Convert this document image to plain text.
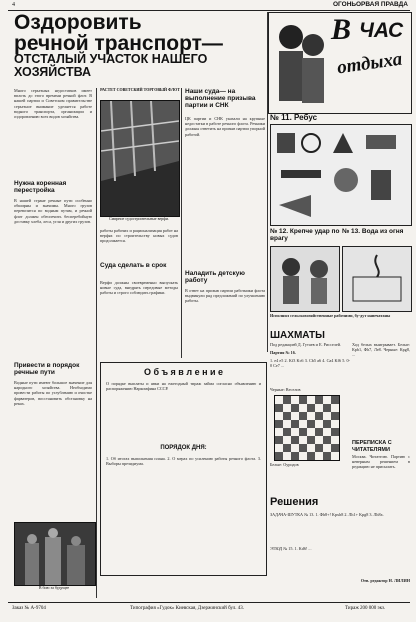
4	ОГОНЬОРВАЯ ПРАВДА
Оздоровить
речной транспорт—
ОТСТАЛЫЙ УЧАСТОК НАШЕГО ХОЗЯЙСТВА
Много серьезных недостатков имеет вплоть до этого времени речной флот. В нашей партии и Советском правительстве серьезное внимание уделяется работе водного транспорта, организации и оздоровлению всех видов хозяйства.
Нужна коренная перестройка
В нашей стране речные пути особенно обширны и значимы. Много грузов перевозится по водным путям, и речной флот должен обеспечить бесперебойную доставку хлеба, леса, угля и других грузов.
Привести в порядок речные пути
Водные пути имеют большое значение для народного хозяйства. Необходимо провести работы по углублению и очистке фарватеров, восстановить обстановку на реках.
В бою за будущее
РАСТЕТ СОВЕТСКИЙ ТОРГОВЫЙ ФЛОТ
Смирное судостроительные верфи.
работы рабочих и рационализация работ на верфях по строительству новых судов продолжается.
Суда сделать в срок
Верфи должны своевременно выпускать новые суда, внедрять передовые методы работы и строго соблюдать графики.
Наши суда— на выполнение призыва партии и СНК
ЦК партии и СНК указали на крупные недостатки в работе речного флота. Речники должны ответить на призыв партии упорной работой.
Наладить детскую работу
В ответ на призыв партии работники флота выдвинули ряд предложений по улучшению работы.
В ЧАС
отдыха
№ 11. Ребус
№ 12. Крепче удар по врагу
№ 13. Вода из огня
Исполнил сельскохозяйственные рабочими, бу-дут напечатаны
ШАХМАТЫ
Под редакцией Д. Гутаев и Е. Рисселей.
Партия № 16.
1. e4 e5 2. Kf3 Kc6 3. Cb5 a6 4. Ca4 Kf6 5. 0-0 Ce7 ...
Черные: Веселов
Белые: Оуродов
Ход белых выигрывает. Белые: Крb1, Фh7, Лe8. Черные: Крg8, ...
ПЕРЕПИСКА С ЧИТАТЕЛЯМИ
Москва. Читателю. Партию с неверным решением в редакцию не присылать.
О б ъ я в л е н и е
О порядке выплаты и явки на ежегодный тираж займа согласно объявлению и распоряжению Наркомфина СССР.
ПОРЯДОК ДНЯ:
1. Об итогах выполнения плана. 2. О мерах по усилению работы речного флота. 3. Выборы президиума.
Решения
ЗАДАЧА-ШУТКА № 13. 1. Фh8+! Kрxh8 2. Лh1+ Kрg8 3. Лh8х.
ЭТЮД № 15. 1. Kd6! ...
Отв. редактор Н. ЛИЛИН
Заказ № А-9704	Типография «Гудок» Киевская, Дзержинский бул. 43.	Тираж 200 000 экз.
